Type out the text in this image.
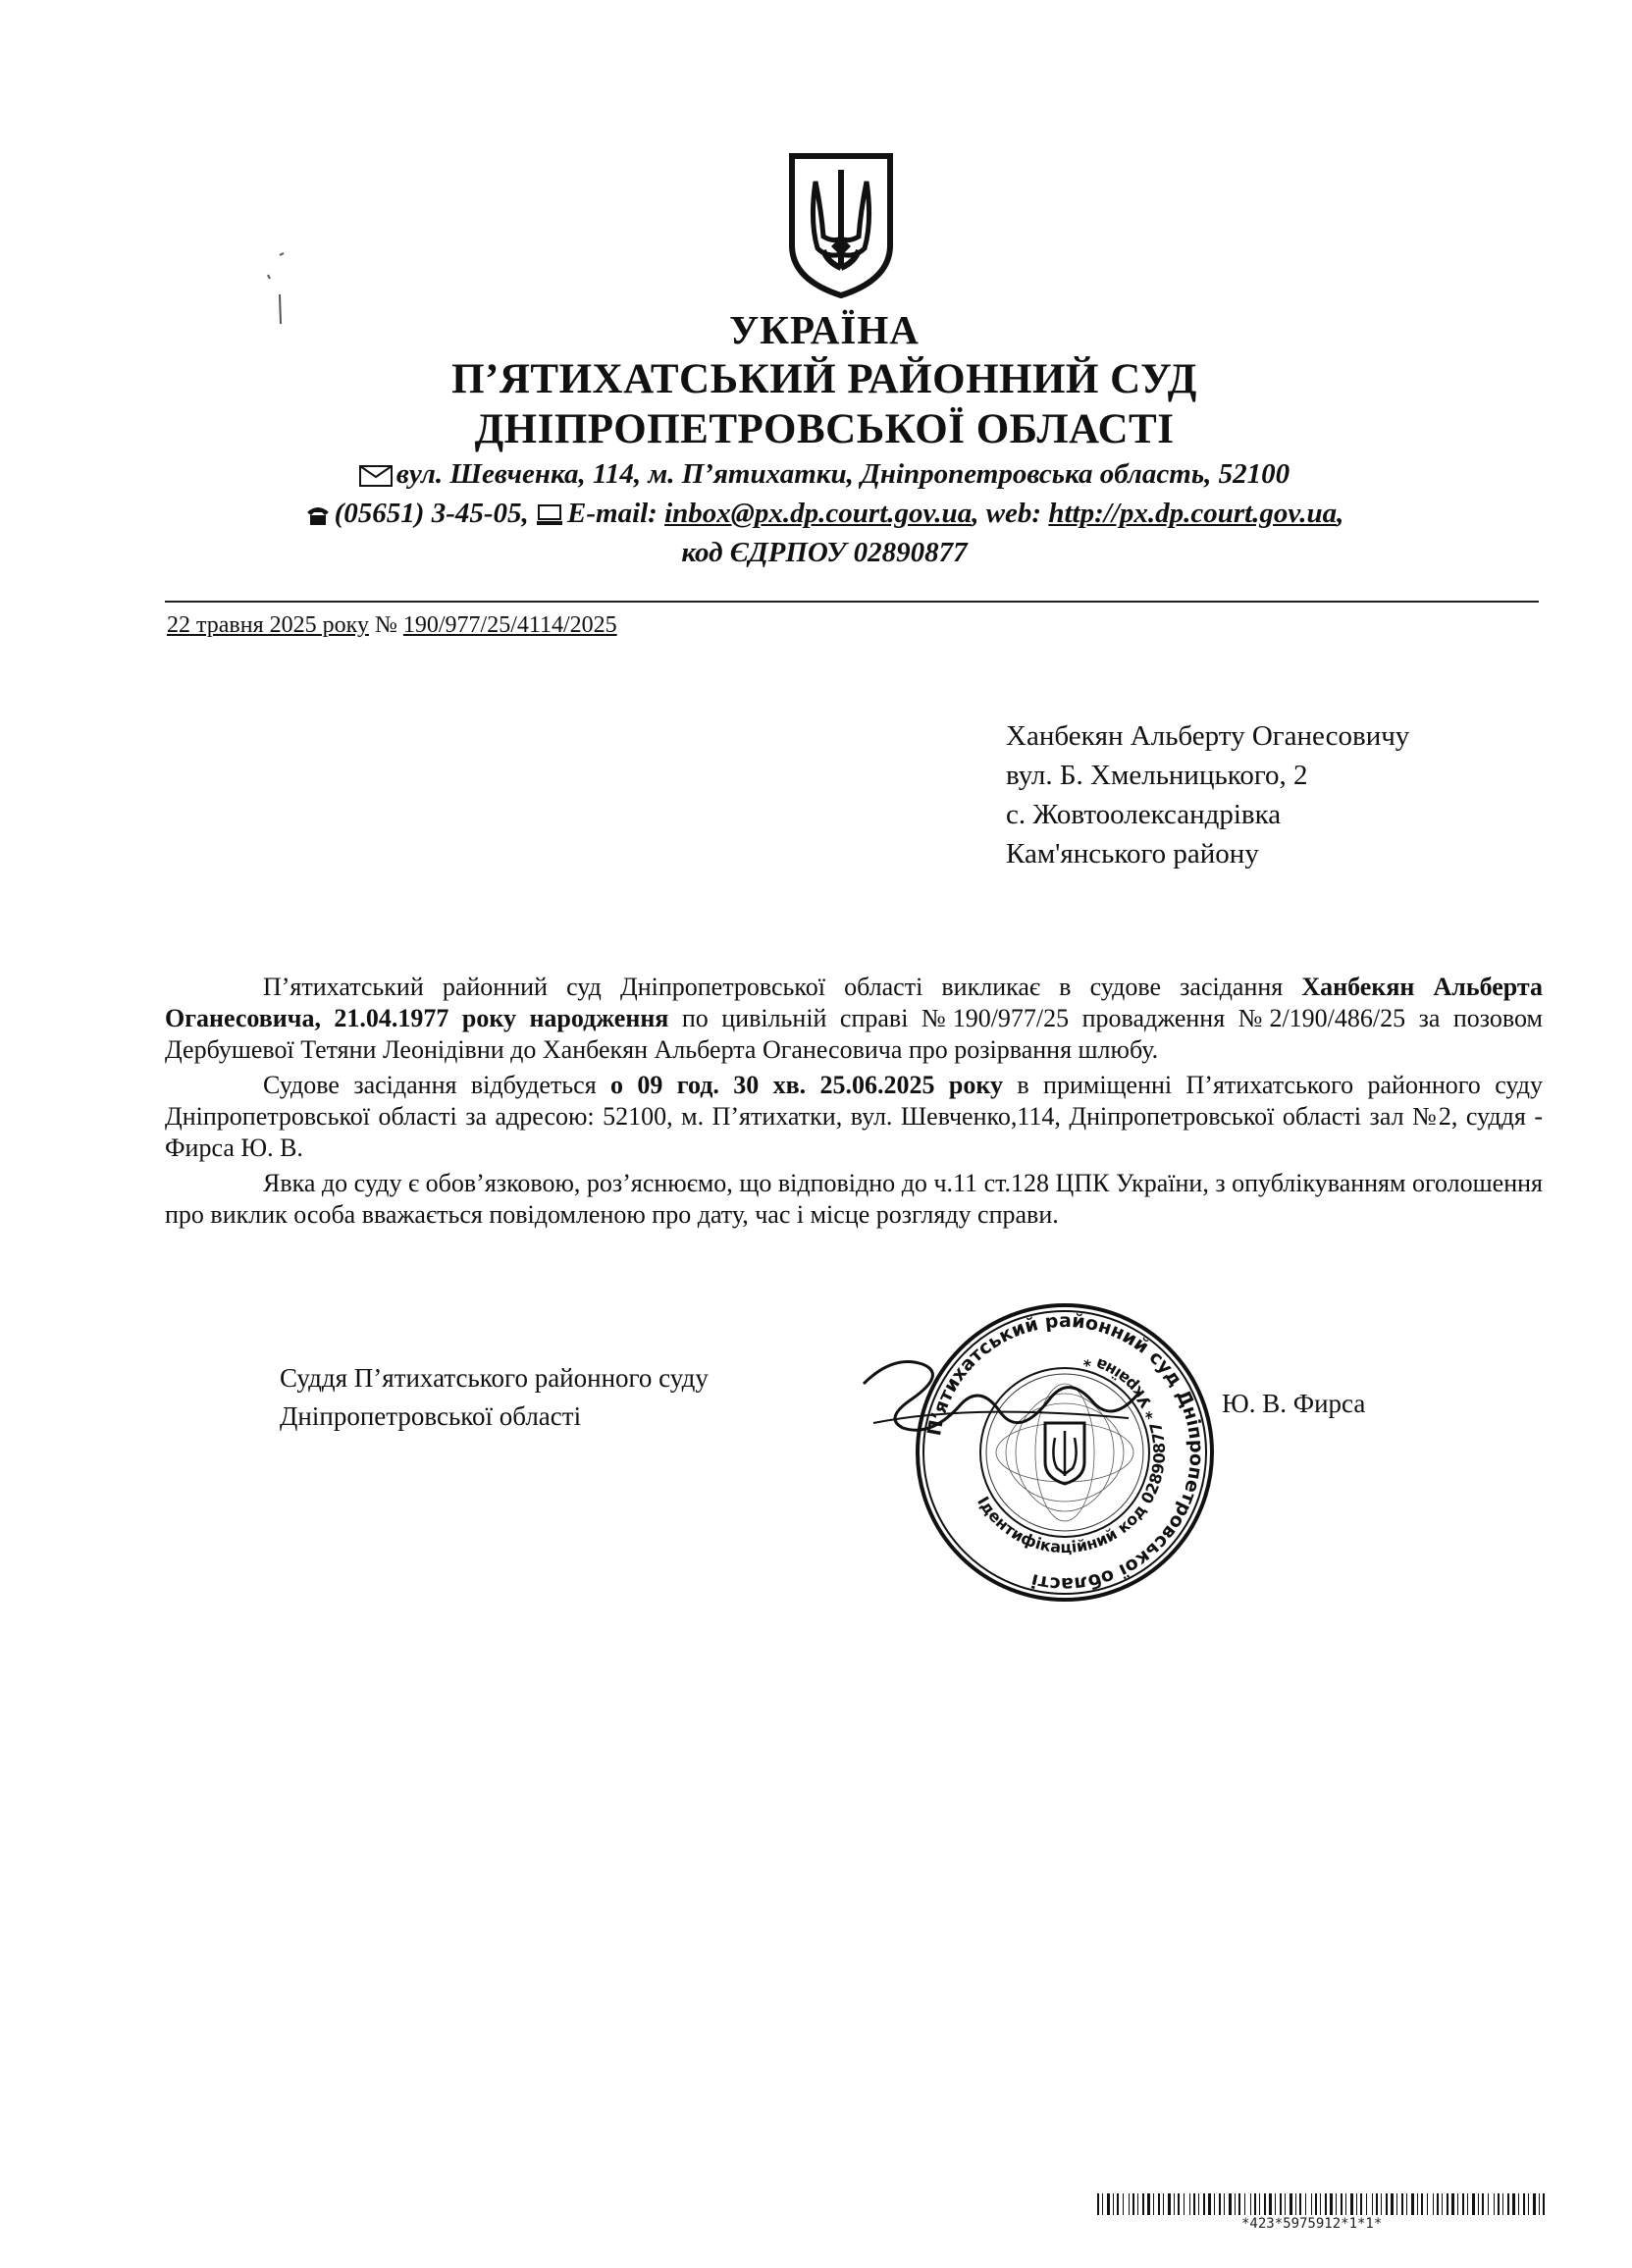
УКРАЇНА
П’ЯТИХАТСЬКИЙ РАЙОННИЙ СУД
ДНІПРОПЕТРОВСЬКОЇ ОБЛАСТІ
вул. Шевченка, 114, м. П’ятихатки, Дніпропетровська область, 52100
(05651) 3-45-05, E-mail: inbox@px.dp.court.gov.ua, web: http://px.dp.court.gov.ua,
код ЄДРПОУ 02890877
22 травня 2025 року № 190/977/25/4114/2025
Ханбекян Альберту Оганесовичу
вул. Б. Хмельницького, 2
с. Жовтоолександрівка
Кам'янського району

П’ятихатський районний суд Дніпропетровської області викликає в судове засідання Ханбекян Альберта Оганесовича, 21.04.1977 року народження по цивільній справі №190/977/25 провадження №2/190/486/25 за позовом Дербушевої Тетяни Леонідівни до Ханбекян Альберта Оганесовича про розірвання шлюбу.

Судове засідання відбудеться о 09 год. 30 хв. 25.06.2025 року в приміщенні П’ятихатського районного суду Дніпропетровської області за адресою: 52100, м. П’ятихатки, вул. Шевченко,114, Дніпропетровської області зал №2, суддя - Фирса Ю. В.

Явка до суду є обов’язковою, роз’яснюємо, що відповідно до ч.11 ст.128 ЦПК України, з опублікуванням оголошення про виклик особа вважається повідомленою про дату, час і місце розгляду справи.

Суддя П’ятихатського районного суду
Дніпропетровської області	П’ятихатський районний суд Дніпропетровської області
Ідентифікаційний код 02890877 * Україна *
Ю. В. Фирса
*423*5975912*1*1*
